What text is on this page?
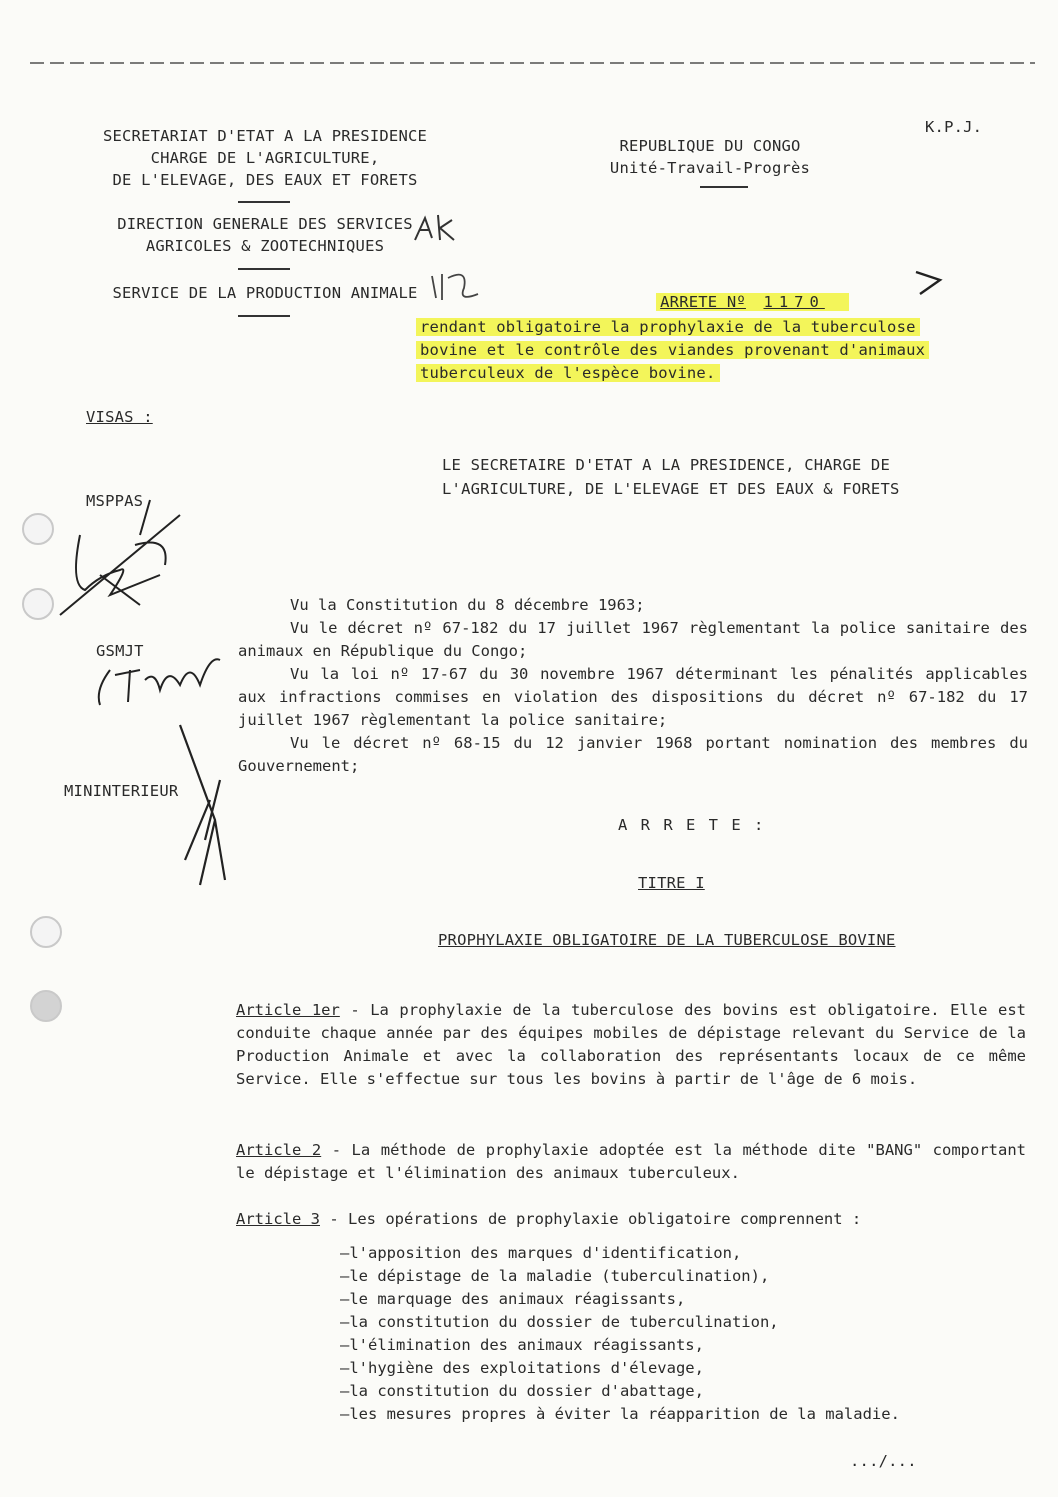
SECRETARIAT D'ETAT A LA PRESIDENCE
CHARGE DE L'AGRICULTURE,
DE L'ELEVAGE, DES EAUX ET FORETS
DIRECTION GENERALE DES SERVICES
AGRICOLES & ZOOTECHNIQUES
SERVICE DE LA PRODUCTION ANIMALE
K.P.J.
REPUBLIQUE DU CONGO
Unité-Travail-Progrès

ARRETE Nº 1170

rendant obligatoire la prophylaxie de la tuberculose
bovine et le contrôle des viandes provenant d'animaux
tuberculeux de l'espèce bovine.
VISAS :
MSPPAS
GSMJT
MININTERIEUR
LE SECRETAIRE D'ETAT A LA PRESIDENCE, CHARGE DE
L'AGRICULTURE, DE L'ELEVAGE ET DES EAUX & FORETS

Vu la Constitution du 8 décembre 1963;

Vu le décret nº 67-182 du 17 juillet 1967 règlementant la police sanitaire des animaux en République du Congo;

Vu la loi nº 17-67 du 30 novembre 1967 déterminant les pénalités applicables aux infractions commises en violation des dispositions du décret nº 67-182 du 17 juillet 1967 règlementant la police sanitaire;

Vu le décret nº 68-15 du 12 janvier 1968 portant nomination des membres du Gouvernement;

A R R E T E :
TITRE I
PROPHYLAXIE OBLIGATOIRE DE LA TUBERCULOSE BOVINE
Article 1er - La prophylaxie de la tuberculose des bovins est obligatoire. Elle est conduite chaque année par des équipes mobiles de dépistage relevant du Service de la Production Animale et avec la collaboration des représentants locaux de ce même Service. Elle s'effectue sur tous les bovins à partir de l'âge de 6 mois.
Article 2 - La méthode de prophylaxie adoptée est la méthode dite "BANG" comportant le dépistage et l'élimination des animaux tuberculeux.
Article 3 - Les opérations de prophylaxie obligatoire comprennent :
– l'apposition des marques d'identification,
– le dépistage de la maladie (tuberculination),
– le marquage des animaux réagissants,
– la constitution du dossier de tuberculination,
– l'élimination des animaux réagissants,
– l'hygiène des exploitations d'élevage,
– la constitution du dossier d'abattage,
– les mesures propres à éviter la réapparition de la maladie.
.../...
